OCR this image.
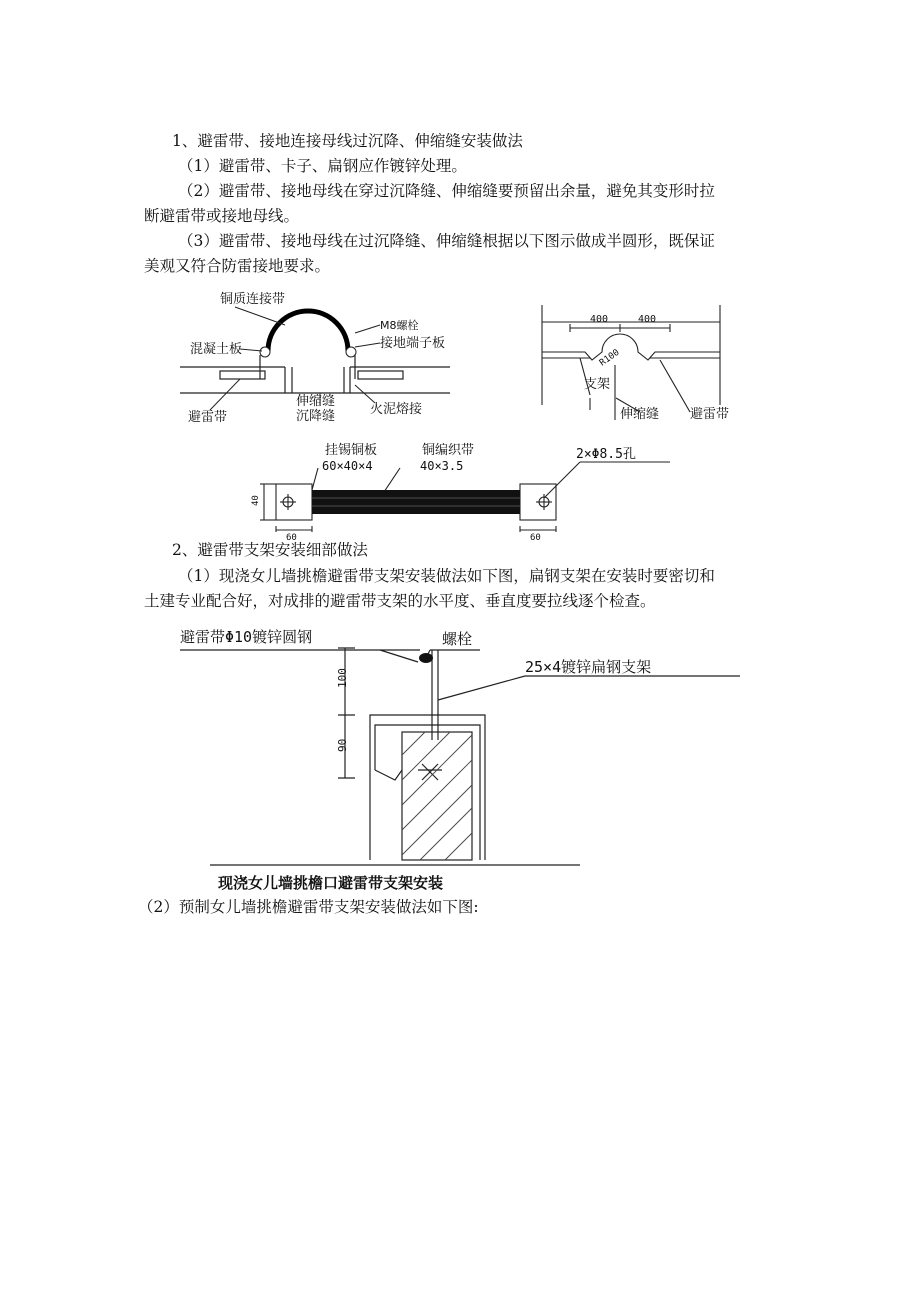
1、避雷带、接地连接母线过沉降、伸缩缝安装做法
（1）避雷带、卡子、扁钢应作镀锌处理。
（2）避雷带、接地母线在穿过沉降缝、伸缩缝要预留出余量，避免其变形时拉
断避雷带或接地母线。
（3）避雷带、接地母线在过沉降缝、伸缩缝根据以下图示做成半圆形，既保证
美观又符合防雷接地要求。
铜质连接带
M8螺栓
混凝土板	接地端子板
伸缩缝
沉降缝
避雷带
火泥熔接
400	400
R100
支架
伸缩缝 避雷带
挂锡铜板
60×40×4
铜编织带
40×3.5
2×Φ8.5孔
40
60	60
2、避雷带支架安装细部做法
（1）现浇女儿墙挑檐避雷带支架安装做法如下图，扁钢支架在安装时要密切和
土建专业配合好，对成排的避雷带支架的水平度、垂直度要拉线逐个检查。
避雷带Φ10镀锌圆钢	螺栓
25×4镀锌扁钢支架
100
90
现浇女儿墙挑檐口避雷带支架安装
（2）预制女儿墙挑檐避雷带支架安装做法如下图:
